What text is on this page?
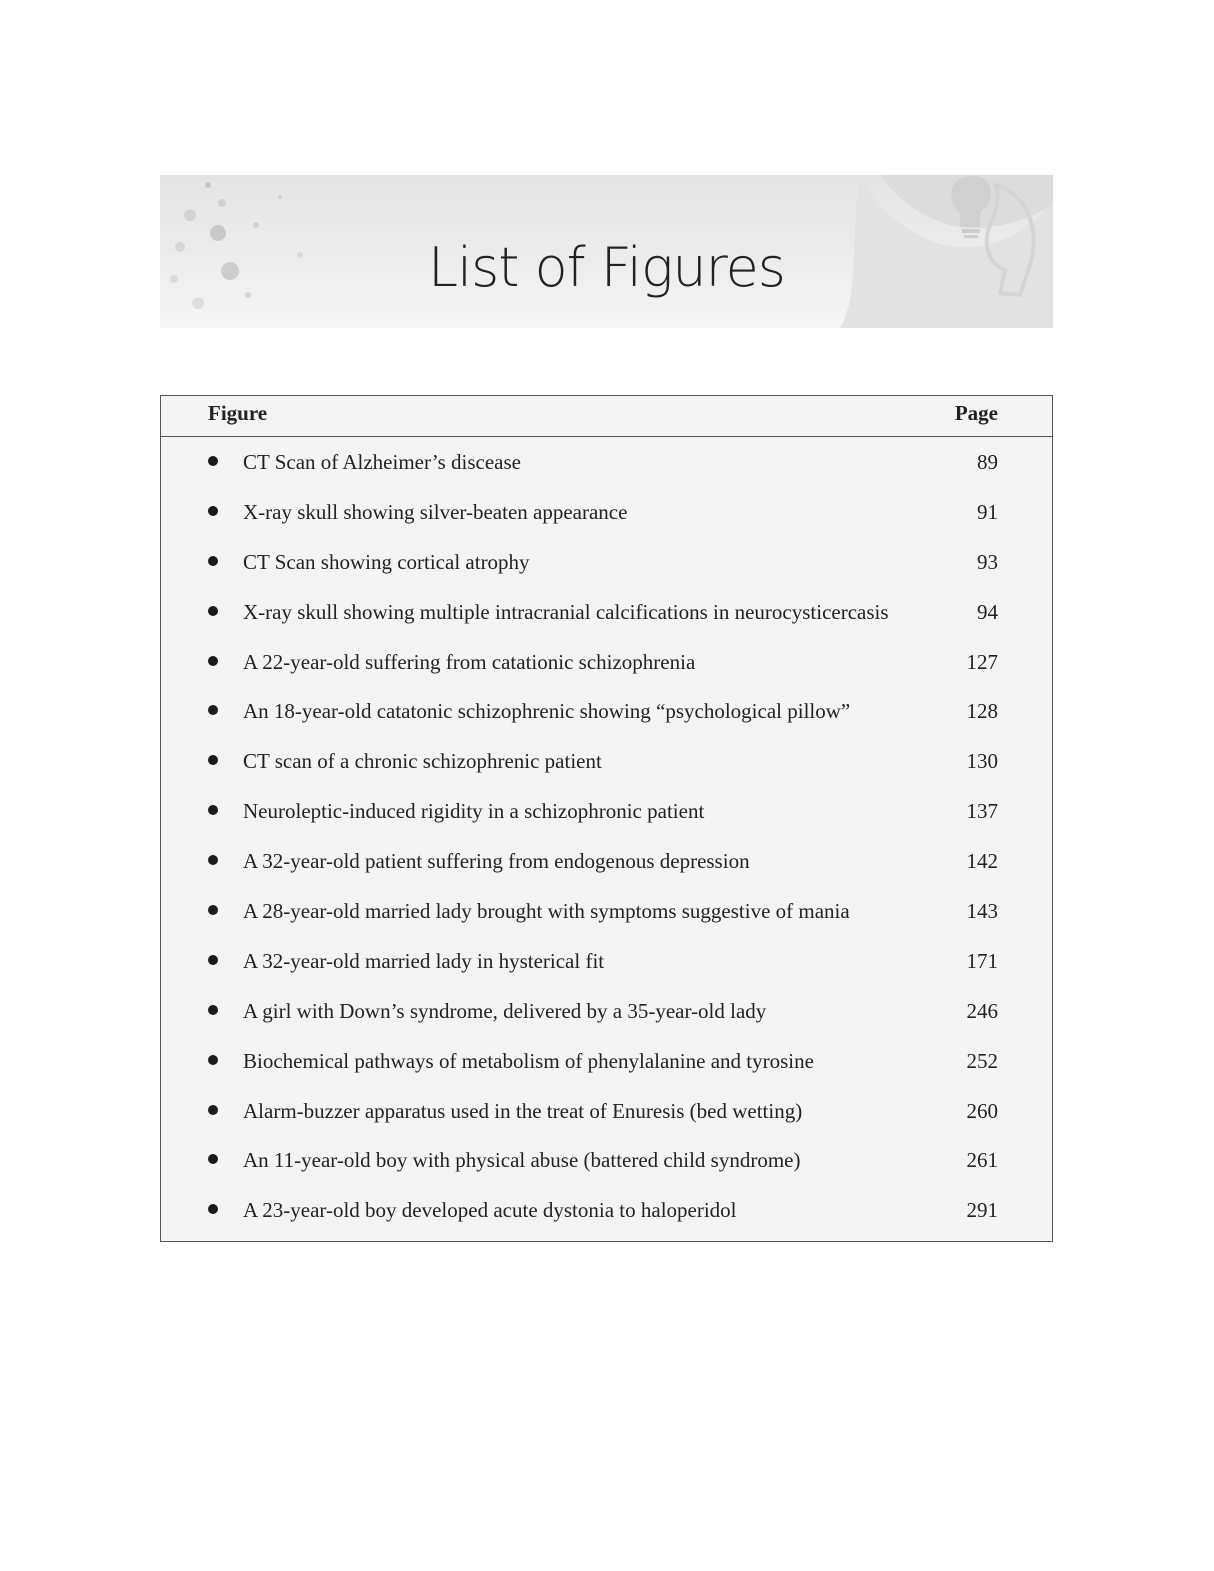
List of Figures
Figure	Page
CT Scan of Alzheimer’s discease	89
X-ray skull showing silver-beaten appearance	91
CT Scan showing cortical atrophy	93
X-ray skull showing multiple intracranial calcifications in neurocysticercasis	94
A 22-year-old suffering from catationic schizophrenia	127
An 18-year-old catatonic schizophrenic showing “psychological pillow”	128
CT scan of a chronic schizophrenic patient	130
Neuroleptic-induced rigidity in a schizophronic patient	137
A 32-year-old patient suffering from endogenous depression	142
A 28-year-old married lady brought with symptoms suggestive of mania	143
A 32-year-old married lady in hysterical fit	171
A girl with Down’s syndrome, delivered by a 35-year-old lady	246
Biochemical pathways of metabolism of phenylalanine and tyrosine	252
Alarm-buzzer apparatus used in the treat of Enuresis (bed wetting)	260
An 11-year-old boy with physical abuse (battered child syndrome)	261
A 23-year-old boy developed acute dystonia to haloperidol	291
